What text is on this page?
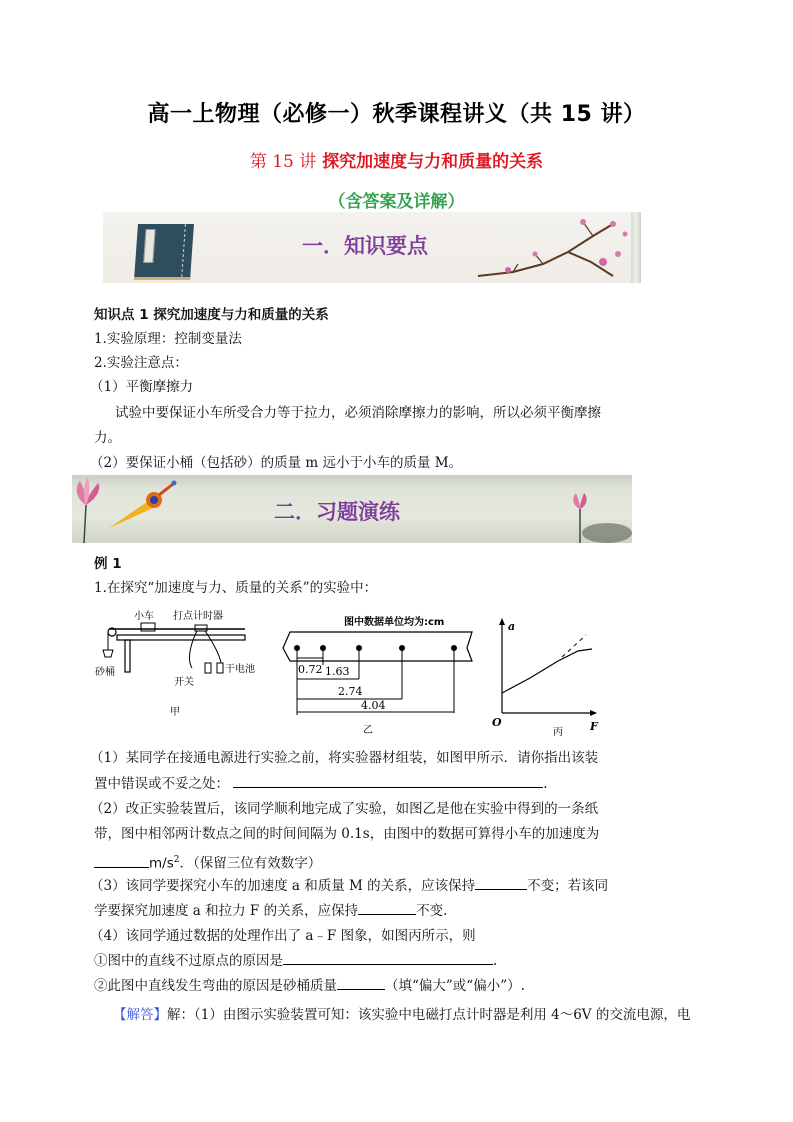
高一上物理（必修一）秋季课程讲义（共 15 讲）
第 15 讲 探究加速度与力和质量的关系
（含答案及详解）
一．知识要点
知识点 1 探究加速度与力和质量的关系
1.实验原理：控制变量法
2.实验注意点：
（1）平衡摩擦力
试验中要保证小车所受合力等于拉力，必须消除摩擦力的影响，所以必须平衡摩擦
力。
（2）要保证小桶（包括砂）的质量 m 远小于小车的质量 M。
二．习题演练
例 1
1.在探究“加速度与力、质量的关系”的实验中：
小车 打点计时器
砂桶
开关
干电池
甲
图中数据单位均为:cm
0.72 1.63
2.74
4.04
乙
a
O	F
丙
（1）某同学在接通电源进行实验之前，将实验器材组装，如图甲所示．请你指出该装
置中错误或不妥之处：	.
（2）改正实验装置后，该同学顺利地完成了实验，如图乙是他在实验中得到的一条纸
带，图中相邻两计数点之间的时间间隔为 0.1s，由图中的数据可算得小车的加速度为
$m/s^2$．（保留三位有效数字）
（3）该同学要探究小车的加速度 a 和质量 M 的关系，应该保持	不变；若该同
学要探究加速度 a 和拉力 F 的关系，应保持	不变.
（4）该同学通过数据的处理作出了 a﹣F 图象，如图丙所示，则
①图中的直线不过原点的原因是	.
②此图中直线发生弯曲的原因是砂桶质量	（填“偏大”或“偏小”）.
【解答】解：（1）由图示实验装置可知：该实验中电磁打点计时器是利用 4～6V 的交流电源，电
